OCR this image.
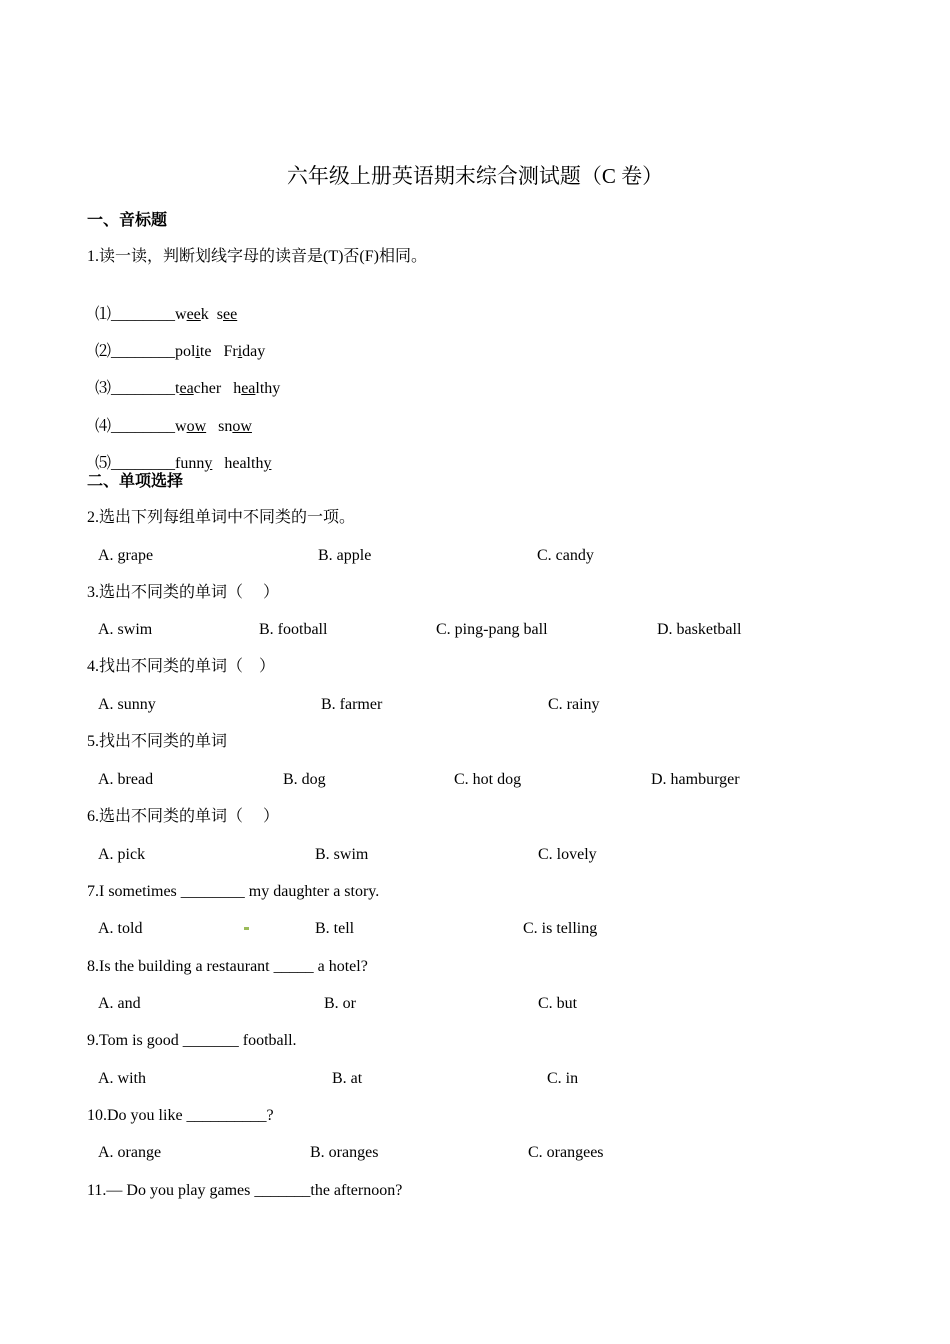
六年级上册英语期末综合测试题（C 卷）
一、音标题
1.读一读，判断划线字母的读音是(T)否(F)相同。

⑴________week see

⑵________polite Friday

⑶________teacher healthy

⑷________wow snow

⑸________funny healthy

二、单项选择
2.选出下列每组单词中不同类的一项。
A. grape	B. apple	C. candy
3.选出不同类的单词（     ）
A. swim	B. football	C. ping-pang ball	D. basketball
4.找出不同类的单词（    ）
A. sunny	B. farmer	C. rainy
5.找出不同类的单词
A. bread	B. dog	C. hot dog	D. hamburger
6.选出不同类的单词（     ）
A. pick	B. swim	C. lovely
7.I sometimes ________ my daughter a story.
A. told	B. tell	C. is telling
8.Is the building a restaurant _____ a hotel?
A. and	B. or	C. but
9.Tom is good _______ football.
A. with	B. at	C. in
10.Do you like __________?
A. orange	B. oranges	C. orangees
11.— Do you play games _______the afternoon?
